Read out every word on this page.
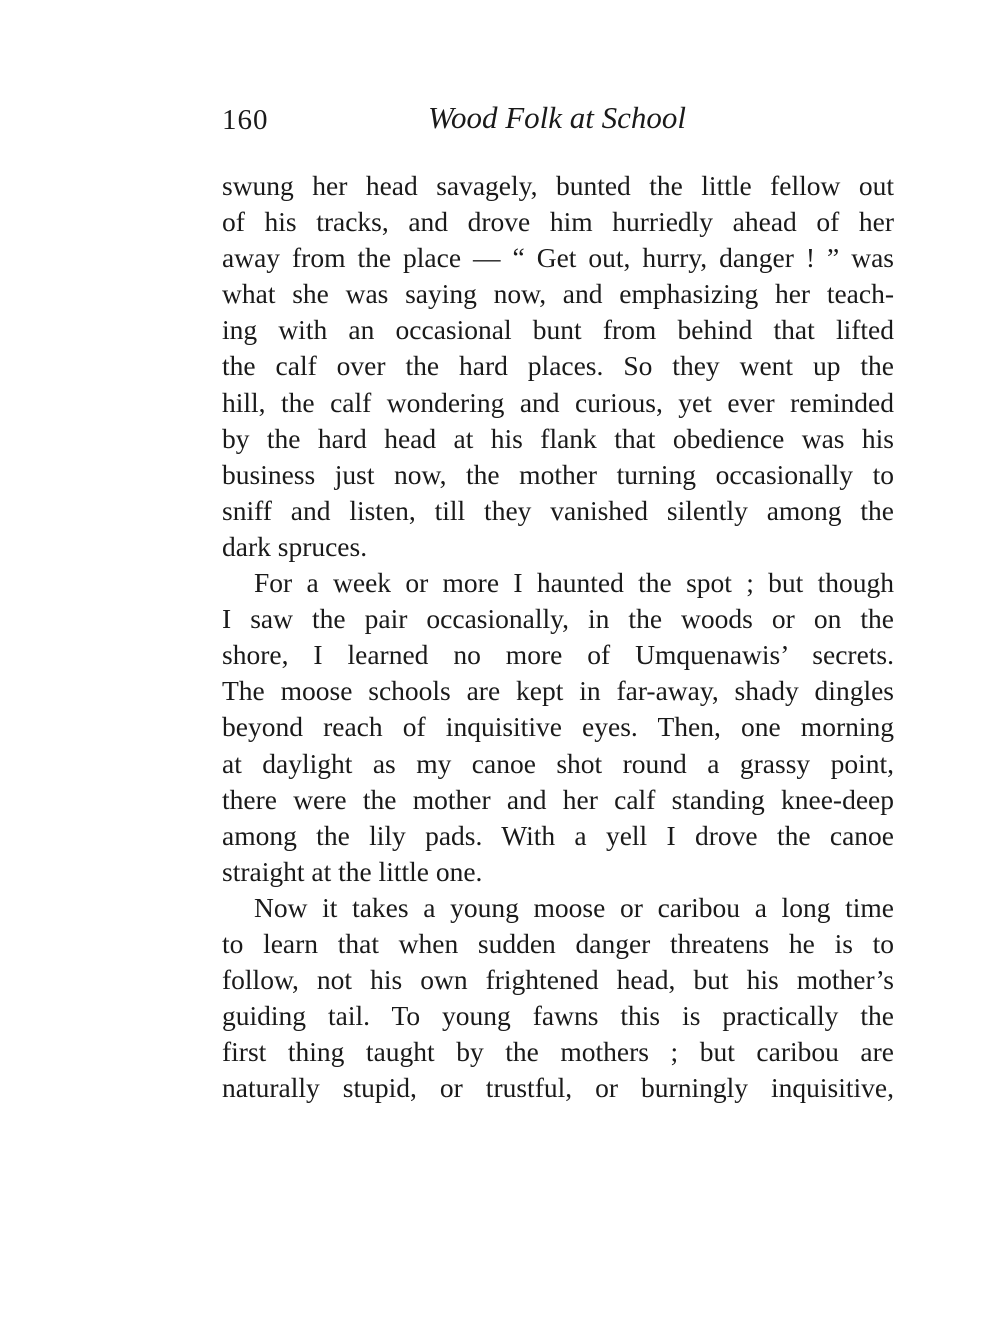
160	Wood Folk at School
swung her head savagely, bunted the little fellow out
of his tracks, and drove him hurriedly ahead of her
away from the place — “ Get out, hurry, danger ! ” was
what she was saying now, and emphasizing her teach-
ing with an occasional bunt from behind that lifted
the calf over the hard places. So they went up the
hill, the calf wondering and curious, yet ever reminded
by the hard head at his flank that obedience was his
business just now, the mother turning occasionally to
sniff and listen, till they vanished silently among the
dark spruces.
For a week or more I haunted the spot ; but though
I saw the pair occasionally, in the woods or on the
shore, I learned no more of Umquenawis’ secrets.
The moose schools are kept in far-away, shady dingles
beyond reach of inquisitive eyes. Then, one morning
at daylight as my canoe shot round a grassy point,
there were the mother and her calf standing knee-deep
among the lily pads. With a yell I drove the canoe
straight at the little one.
Now it takes a young moose or caribou a long time
to learn that when sudden danger threatens he is to
follow, not his own frightened head, but his mother’s
guiding tail. To young fawns this is practically the
first thing taught by the mothers ; but caribou are
naturally stupid, or trustful, or burningly inquisitive,
